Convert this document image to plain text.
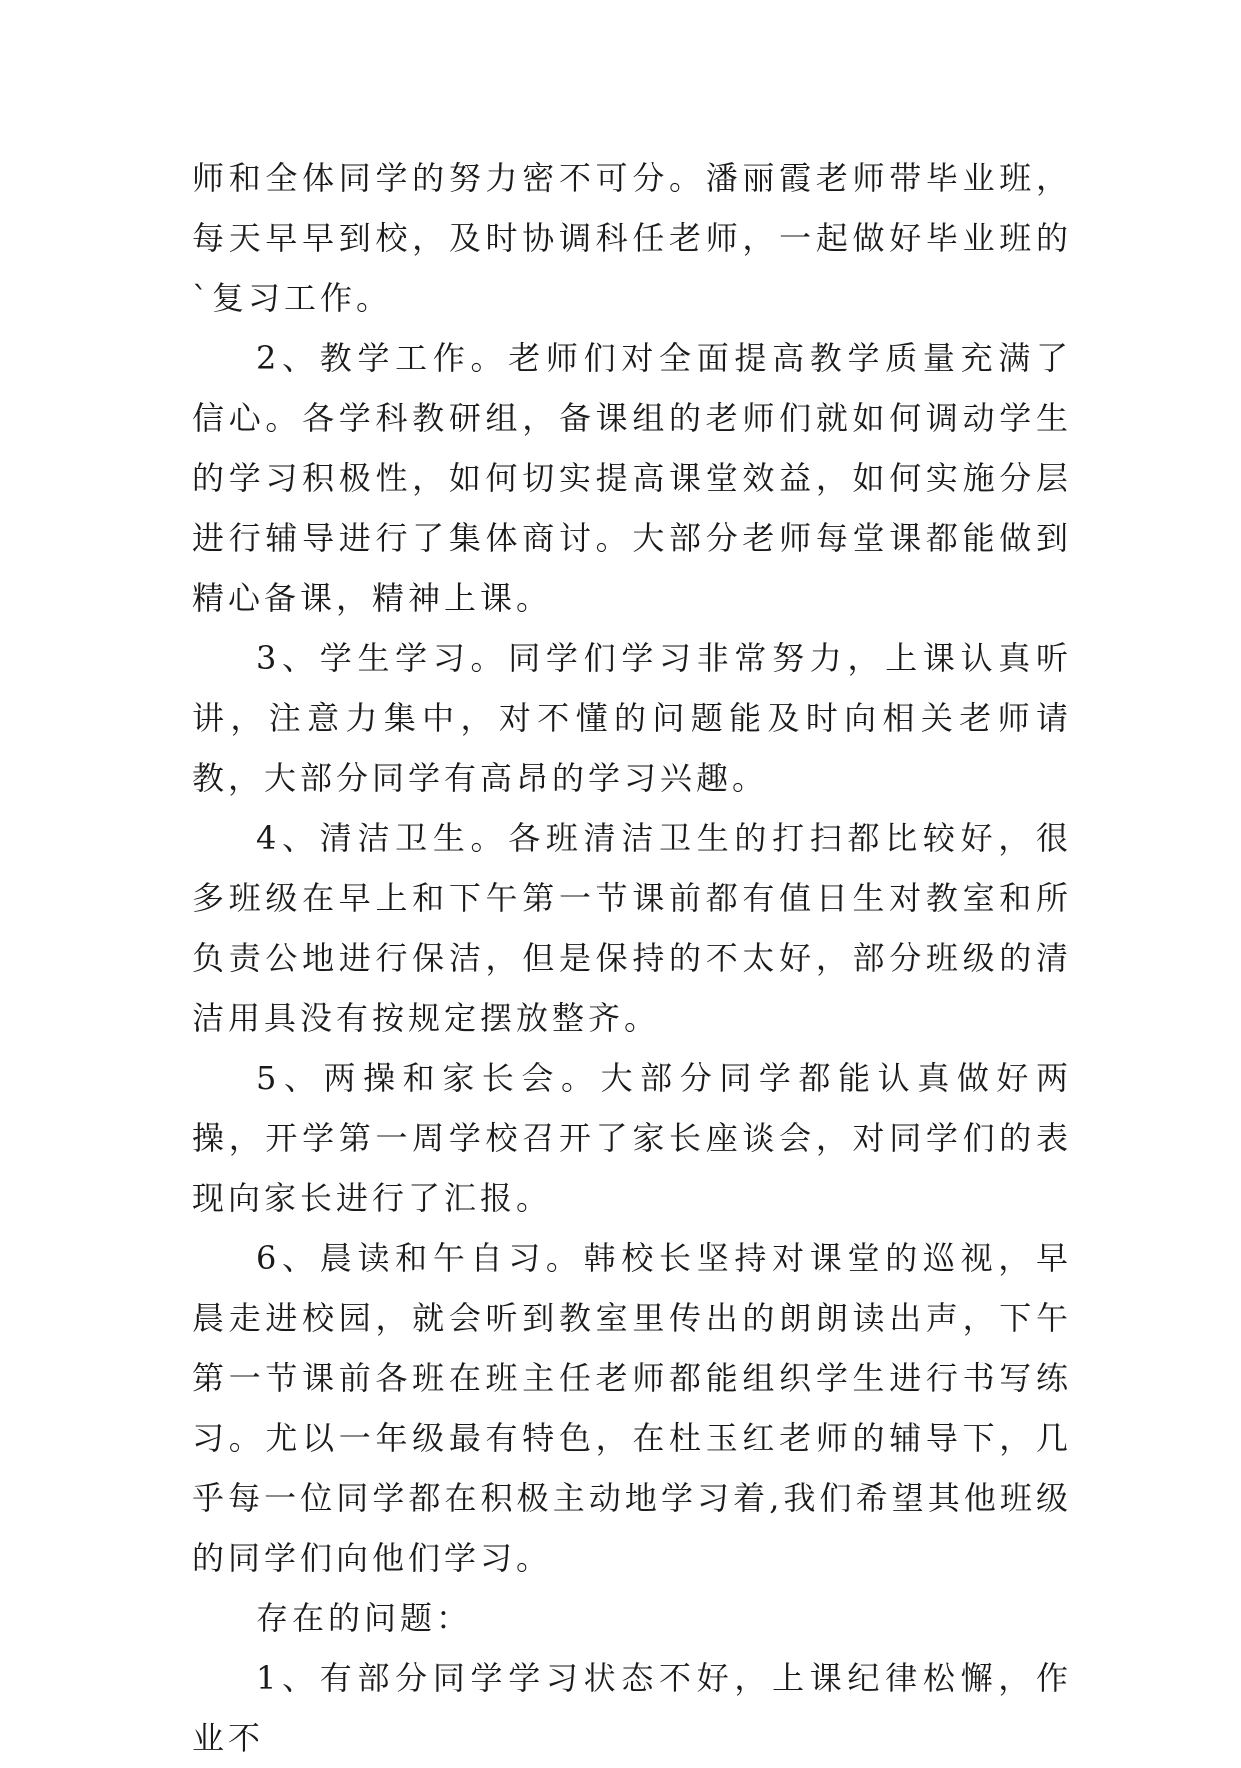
师和全体同学的努力密不可分。潘丽霞老师带毕业班，每天早早到校，及时协调科任老师，一起做好毕业班的`复习工作。

2、教学工作。老师们对全面提高教学质量充满了信心。各学科教研组，备课组的老师们就如何调动学生的学习积极性，如何切实提高课堂效益，如何实施分层进行辅导进行了集体商讨。大部分老师每堂课都能做到精心备课，精神上课。

3、学生学习。同学们学习非常努力，上课认真听讲，注意力集中，对不懂的问题能及时向相关老师请教，大部分同学有高昂的学习兴趣。

4、清洁卫生。各班清洁卫生的打扫都比较好，很多班级在早上和下午第一节课前都有值日生对教室和所负责公地进行保洁，但是保持的不太好，部分班级的清洁用具没有按规定摆放整齐。

5、两操和家长会。大部分同学都能认真做好两操，开学第一周学校召开了家长座谈会，对同学们的表现向家长进行了汇报。

6、晨读和午自习。韩校长坚持对课堂的巡视，早晨走进校园，就会听到教室里传出的朗朗读出声，下午第一节课前各班在班主任老师都能组织学生进行书写练习。尤以一年级最有特色，在杜玉红老师的辅导下，几乎每一位同学都在积极主动地学习着,我们希望其他班级的同学们向他们学习。

存在的问题：

1、有部分同学学习状态不好，上课纪律松懈，作业不
